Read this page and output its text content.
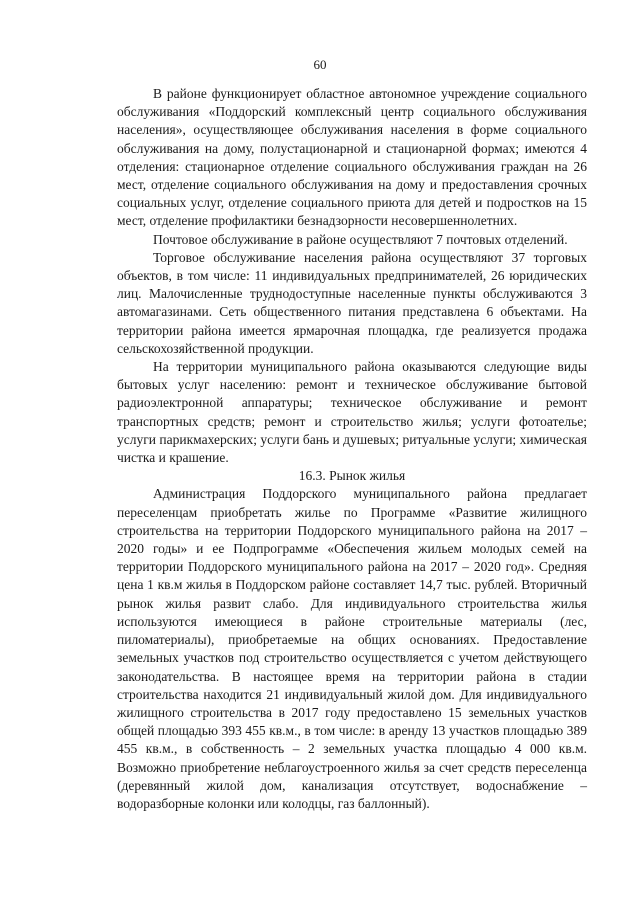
60

В районе функционирует областное автономное учреждение социального обслуживания «Поддорский комплексный центр социального обслуживания населения», осуществляющее обслуживания населения в форме социального обслуживания на дому, полустационарной и стационарной формах; имеются 4 отделения: стационарное отделение социального обслуживания граждан на 26 мест, отделение социального обслуживания на дому и предоставления срочных социальных услуг, отделение социального приюта для детей и подростков на 15 мест, отделение профилактики безнадзорности несовершеннолетних.

Почтовое обслуживание в районе осуществляют 7 почтовых отделений.

Торговое обслуживание населения района осуществляют 37 торговых объектов, в том числе: 11 индивидуальных предпринимателей, 26 юридических лиц. Малочисленные труднодоступные населенные пункты обслуживаются 3 автомагазинами. Сеть общественного питания представлена 6 объектами. На территории района имеется ярмарочная площадка, где реализуется продажа сельскохозяйственной продукции.

На территории муниципального района оказываются следующие виды бытовых услуг населению: ремонт и техническое обслуживание бытовой радиоэлектронной аппаратуры; техническое обслуживание и ремонт транспортных средств; ремонт и строительство жилья; услуги фотоателье; услуги парикмахерских; услуги бань и душевых; ритуальные услуги; химическая чистка и крашение.

16.3. Рынок жилья

Администрация Поддорского муниципального района предлагает переселенцам приобретать жилье по Программе «Развитие жилищного строительства на территории Поддорского муниципального района на 2017 – 2020 годы» и ее Подпрограмме «Обеспечения жильем молодых семей на территории Поддорского муниципального района на 2017 – 2020 год». Средняя цена 1 кв.м жилья в Поддорском районе составляет 14,7 тыс. рублей. Вторичный рынок жилья развит слабо. Для индивидуального строительства жилья используются имеющиеся в районе строительные материалы (лес, пиломатериалы), приобретаемые на общих основаниях. Предоставление земельных участков под строительство осуществляется с учетом действующего законодательства. В настоящее время на территории района в стадии строительства находится 21 индивидуальный жилой дом. Для индивидуального жилищного строительства в 2017 году предоставлено 15 земельных участков общей площадью 393 455 кв.м., в том числе: в аренду 13 участков площадью 389 455 кв.м., в собственность – 2 земельных участка площадью 4 000 кв.м. Возможно приобретение неблагоустроенного жилья за счет средств переселенца (деревянный жилой дом, канализация отсутствует, водоснабжение – водоразборные колонки или колодцы, газ баллонный).
